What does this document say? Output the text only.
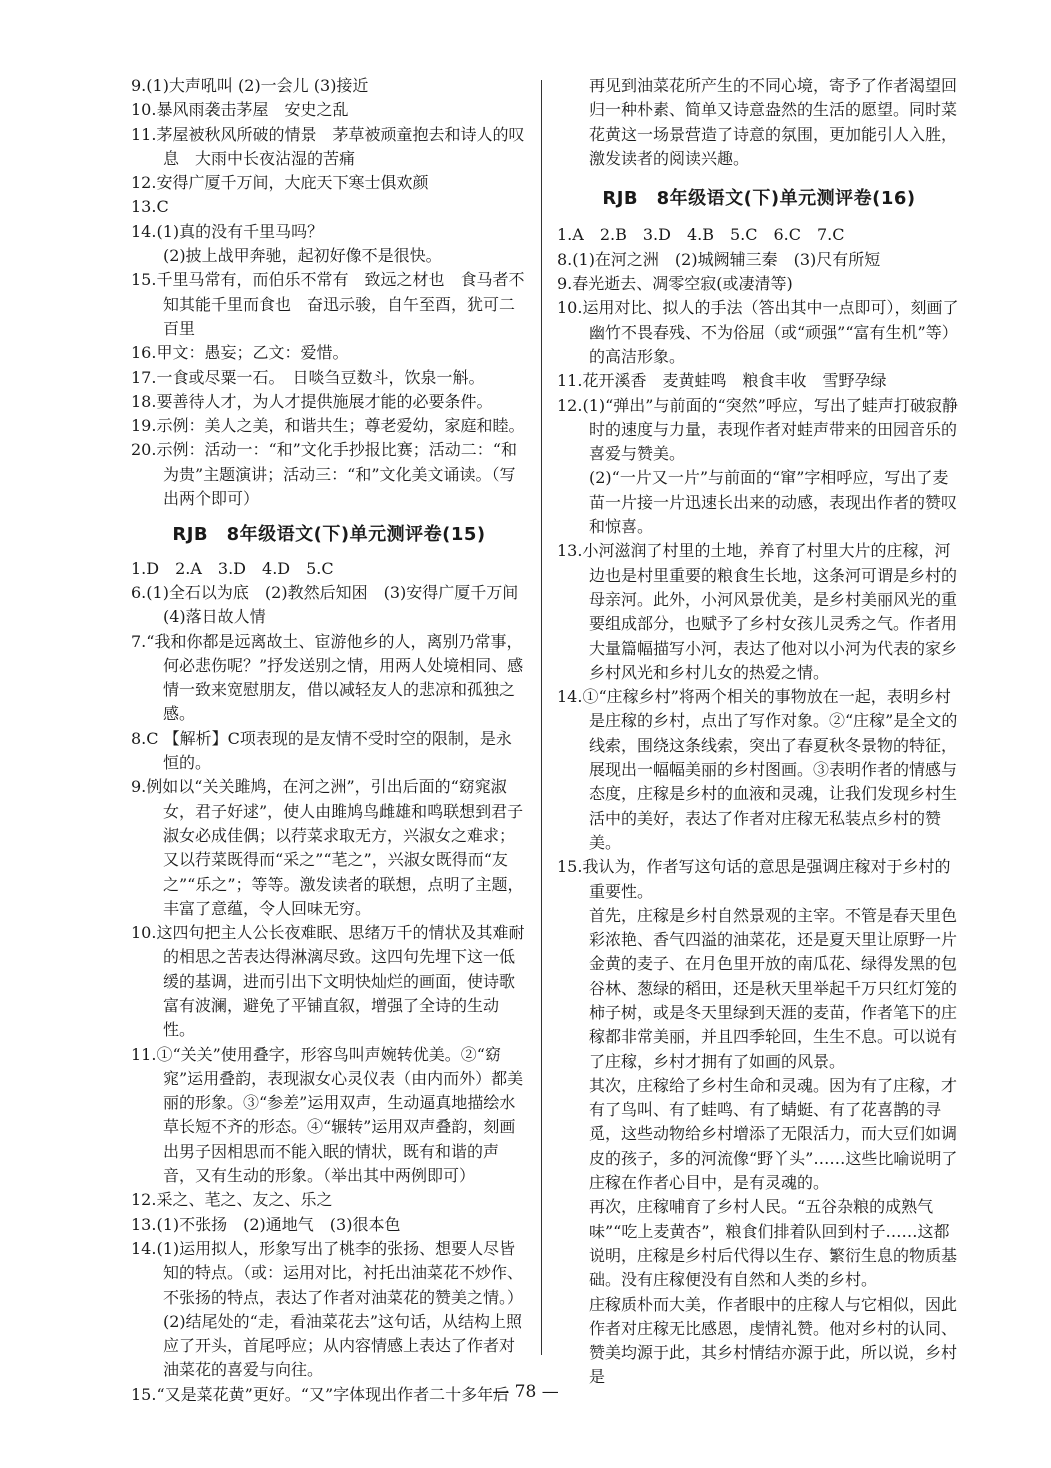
9.(1)大声吼叫 (2)一会儿 (3)接近

10.暴风雨袭击茅屋　安史之乱

11.茅屋被秋风所破的情景　茅草被顽童抱去和诗人的叹息　大雨中长夜沾湿的苦痛

12.安得广厦千万间，大庇天下寒士俱欢颜

13.C

14.(1)真的没有千里马吗？

(2)披上战甲奔驰，起初好像不是很快。

15.千里马常有，而伯乐不常有　致远之材也　食马者不知其能千里而食也　奋迅示骏，自午至酉，犹可二百里

16.甲文：愚妄；乙文：爱惜。

17.一食或尽粟一石。　日啖刍豆数斗，饮泉一斛。

18.要善待人才，为人才提供施展才能的必要条件。

19.示例：美人之美，和谐共生；尊老爱幼，家庭和睦。

20.示例：活动一：“和”文化手抄报比赛；活动二：“和为贵”主题演讲；活动三：“和”文化美文诵读。（写出两个即可）

RJB　8年级语文(下)单元测评卷(15)

1.D　2.A　3.D　4.D　5.C

6.(1)全石以为底　(2)教然后知困　(3)安得广厦千万间　(4)落日故人情

7.“我和你都是远离故土、宦游他乡的人，离别乃常事，何必悲伤呢？”抒发送别之情，用两人处境相同、感情一致来宽慰朋友，借以减轻友人的悲凉和孤独之感。

8.C 【解析】C项表现的是友情不受时空的限制，是永恒的。

9.例如以“关关雎鸠，在河之洲”，引出后面的“窈窕淑女，君子好逑”，使人由雎鸠鸟雌雄和鸣联想到君子淑女必成佳偶；以荇菜求取无方，兴淑女之难求；又以荇菜既得而“采之”“芼之”，兴淑女既得而“友之”“乐之”；等等。激发读者的联想，点明了主题，丰富了意蕴，令人回味无穷。

10.这四句把主人公长夜难眠、思绪万千的情状及其难耐的相思之苦表达得淋漓尽致。这四句先埋下这一低缓的基调，进而引出下文明快灿烂的画面，使诗歌富有波澜，避免了平铺直叙，增强了全诗的生动性。

11.①“关关”使用叠字，形容鸟叫声婉转优美。②“窈窕”运用叠韵，表现淑女心灵仪表（由内而外）都美丽的形象。③“参差”运用双声，生动逼真地描绘水草长短不齐的形态。④“辗转”运用双声叠韵，刻画出男子因相思而不能入眠的情状，既有和谐的声音，又有生动的形象。（举出其中两例即可）

12.采之、芼之、友之、乐之

13.(1)不张扬　(2)通地气　(3)很本色

14.(1)运用拟人，形象写出了桃李的张扬、想要人尽皆知的特点。（或：运用对比，衬托出油菜花不炒作、不张扬的特点，表达了作者对油菜花的赞美之情。）

(2)结尾处的“走，看油菜花去”这句话，从结构上照应了开头，首尾呼应；从内容情感上表达了作者对油菜花的喜爱与向往。

15.“又是菜花黄”更好。“又”字体现出作者二十多年后

再见到油菜花所产生的不同心境，寄予了作者渴望回归一种朴素、简单又诗意盎然的生活的愿望。同时菜花黄这一场景营造了诗意的氛围，更加能引人入胜，激发读者的阅读兴趣。

RJB　8年级语文(下)单元测评卷(16)

1.A　2.B　3.D　4.B　5.C　6.C　7.C

8.(1)在河之洲　(2)城阙辅三秦　(3)尺有所短

9.春光逝去、凋零空寂(或凄清等)

10.运用对比、拟人的手法（答出其中一点即可），刻画了幽竹不畏春残、不为俗屈（或“顽强”“富有生机”等）的高洁形象。

11.花开溪香　麦黄蛙鸣　粮食丰收　雪野孕绿

12.(1)“弹出”与前面的“突然”呼应，写出了蛙声打破寂静时的速度与力量，表现作者对蛙声带来的田园音乐的喜爱与赞美。

(2)“一片又一片”与前面的“窜”字相呼应，写出了麦苗一片接一片迅速长出来的动感，表现出作者的赞叹和惊喜。

13.小河滋润了村里的土地，养育了村里大片的庄稼，河边也是村里重要的粮食生长地，这条河可谓是乡村的母亲河。此外，小河风景优美，是乡村美丽风光的重要组成部分，也赋予了乡村女孩儿灵秀之气。作者用大量篇幅描写小河，表达了他对以小河为代表的家乡乡村风光和乡村儿女的热爱之情。

14.①“庄稼乡村”将两个相关的事物放在一起，表明乡村是庄稼的乡村，点出了写作对象。②“庄稼”是全文的线索，围绕这条线索，突出了春夏秋冬景物的特征，展现出一幅幅美丽的乡村图画。③表明作者的情感与态度，庄稼是乡村的血液和灵魂，让我们发现乡村生活中的美好，表达了作者对庄稼无私装点乡村的赞美。

15.我认为，作者写这句话的意思是强调庄稼对于乡村的重要性。

首先，庄稼是乡村自然景观的主宰。不管是春天里色彩浓艳、香气四溢的油菜花，还是夏天里让原野一片金黄的麦子、在月色里开放的南瓜花、绿得发黑的包谷林、葱绿的稻田，还是秋天里举起千万只红灯笼的柿子树，或是冬天里绿到天涯的麦苗，作者笔下的庄稼都非常美丽，并且四季轮回，生生不息。可以说有了庄稼，乡村才拥有了如画的风景。

其次，庄稼给了乡村生命和灵魂。因为有了庄稼，才有了鸟叫、有了蛙鸣、有了蜻蜓、有了花喜鹊的寻觅，这些动物给乡村增添了无限活力，而大豆们如调皮的孩子，多的河流像“野丫头”……这些比喻说明了庄稼在作者心目中，是有灵魂的。

再次，庄稼哺育了乡村人民。“五谷杂粮的成熟气味”“吃上麦黄杏”，粮食们排着队回到村子……这都说明，庄稼是乡村后代得以生存、繁衍生息的物质基础。没有庄稼便没有自然和人类的乡村。

庄稼质朴而大美，作者眼中的庄稼人与它相似，因此作者对庄稼无比感恩，虔情礼赞。他对乡村的认同、赞美均源于此，其乡村情结亦源于此，所以说，乡村是

— 78 —
